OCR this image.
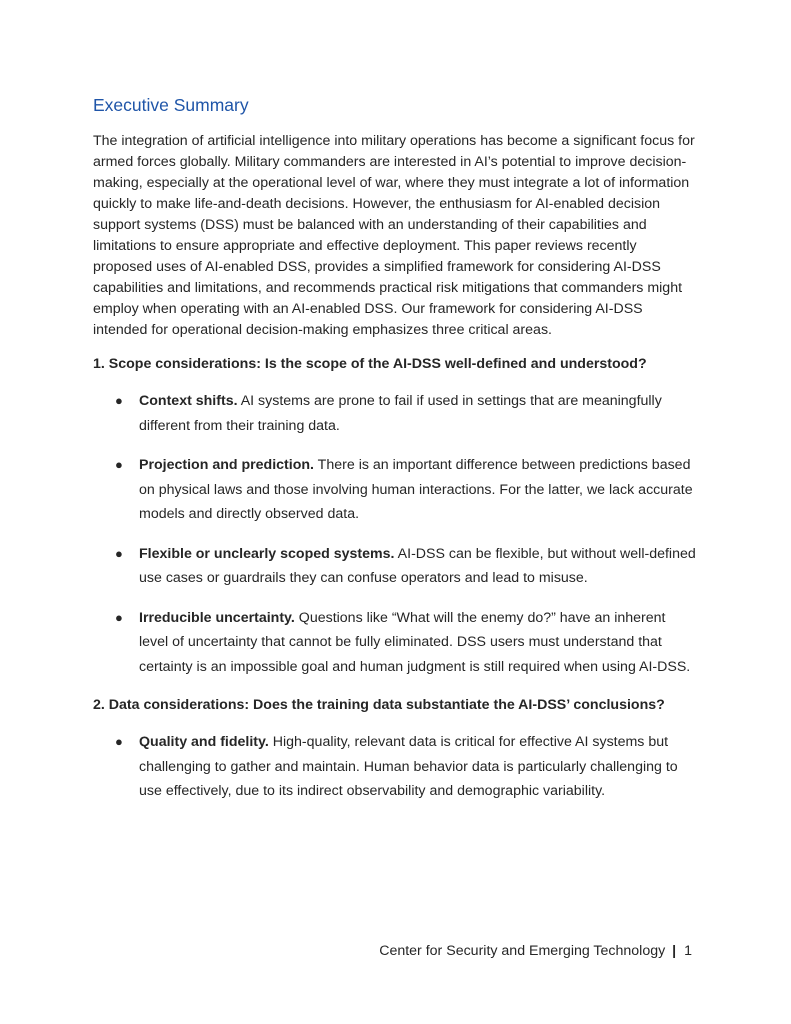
Executive Summary

The integration of artificial intelligence into military operations has become a significant focus for armed forces globally. Military commanders are interested in AI’s potential to improve decision-making, especially at the operational level of war, where they must integrate a lot of information quickly to make life-and-death decisions. However, the enthusiasm for AI-enabled decision support systems (DSS) must be balanced with an understanding of their capabilities and limitations to ensure appropriate and effective deployment. This paper reviews recently proposed uses of AI-enabled DSS, provides a simplified framework for considering AI-DSS capabilities and limitations, and recommends practical risk mitigations that commanders might employ when operating with an AI-enabled DSS. Our framework for considering AI-DSS intended for operational decision-making emphasizes three critical areas.

1. Scope considerations: Is the scope of the AI-DSS well-defined and understood?
● Context shifts. AI systems are prone to fail if used in settings that are meaningfully different from their training data.
● Projection and prediction. There is an important difference between predictions based on physical laws and those involving human interactions. For the latter, we lack accurate models and directly observed data.
● Flexible or unclearly scoped systems. AI-DSS can be flexible, but without well-defined use cases or guardrails they can confuse operators and lead to misuse.
● Irreducible uncertainty. Questions like “What will the enemy do?” have an inherent level of uncertainty that cannot be fully eliminated. DSS users must understand that certainty is an impossible goal and human judgment is still required when using AI-DSS.
2. Data considerations: Does the training data substantiate the AI-DSS’ conclusions?
● Quality and fidelity. High-quality, relevant data is critical for effective AI systems but challenging to gather and maintain. Human behavior data is particularly challenging to use effectively, due to its indirect observability and demographic variability.
Center for Security and Emerging Technology | 1
